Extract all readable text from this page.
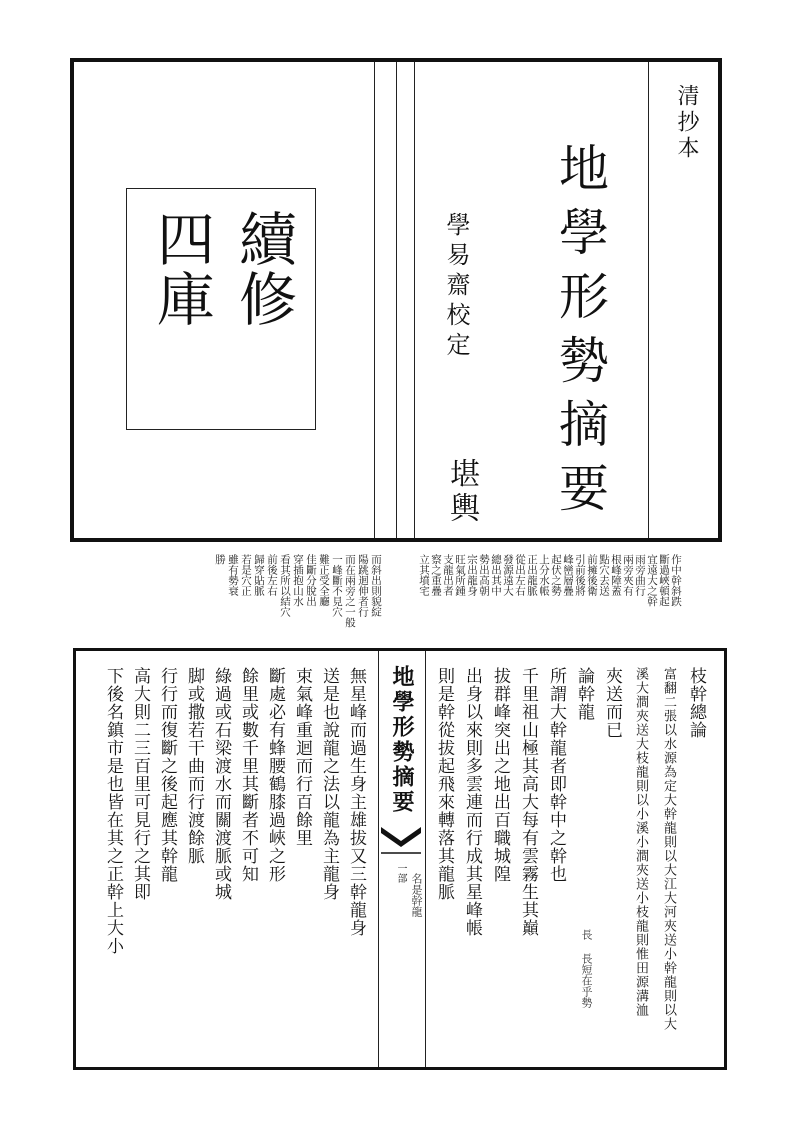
續修
四庫	地學形勢摘要
學易齋校定
堪輿
清抄本
作中幹斜跌
斷過峽頓起
宜遠大之幹
雨旁曲行
兩旁夾有
根峰障蓋
點穴去送
前擁後衛
引前後將
峰巒層疊
起伏之勢
上分水帳
正出龍脈
從出左右
發源遠大
總出其中
勢出高朝
宗出龍身
旺氣所鍾
支龍出者
察之重疊
立其墳宅
而斜出則貌綻
陽跳迴伸者行
而在兩旁之一般
一峰斷不見穴
難正受全廳
佳斷分脫出
穿插抱山水
看其所以結穴
前後左右
歸穿貼脈
若是穴正
雖有勢衰
勝
地學形勢摘要
一部
枝幹總論
富翻二張以水源為定大幹龍則以大江大河夾送小幹龍則以大
溪大澗夾送大枝龍則以小溪小澗夾送小枝龍則惟田源溝洫
夾送而已
論幹龍
所謂大幹龍者即幹中之幹也
千里祖山極其高大每有雲霧生其巔
拔群峰突出之地出百職城隍
出身以來則多雲連而行成其星峰帳
則是幹從拔起飛來轉落其龍脈
無星峰而過生身主雄拔又三幹龍身
送是也說龍之法以龍為主龍身
束氣峰重迴而行百餘里
斷處必有蜂腰鶴膝過峽之形
餘里或數千里其斷者不可知
綠過或石梁渡水而關渡脈或城
脚或撒若干曲而行渡餘脈
行行而復斷之後起應其幹龍
高大則二三百里可見行之其即
下後名鎮市是也皆在其之正幹上大小	名是幹龍
長 長短在乎勢
